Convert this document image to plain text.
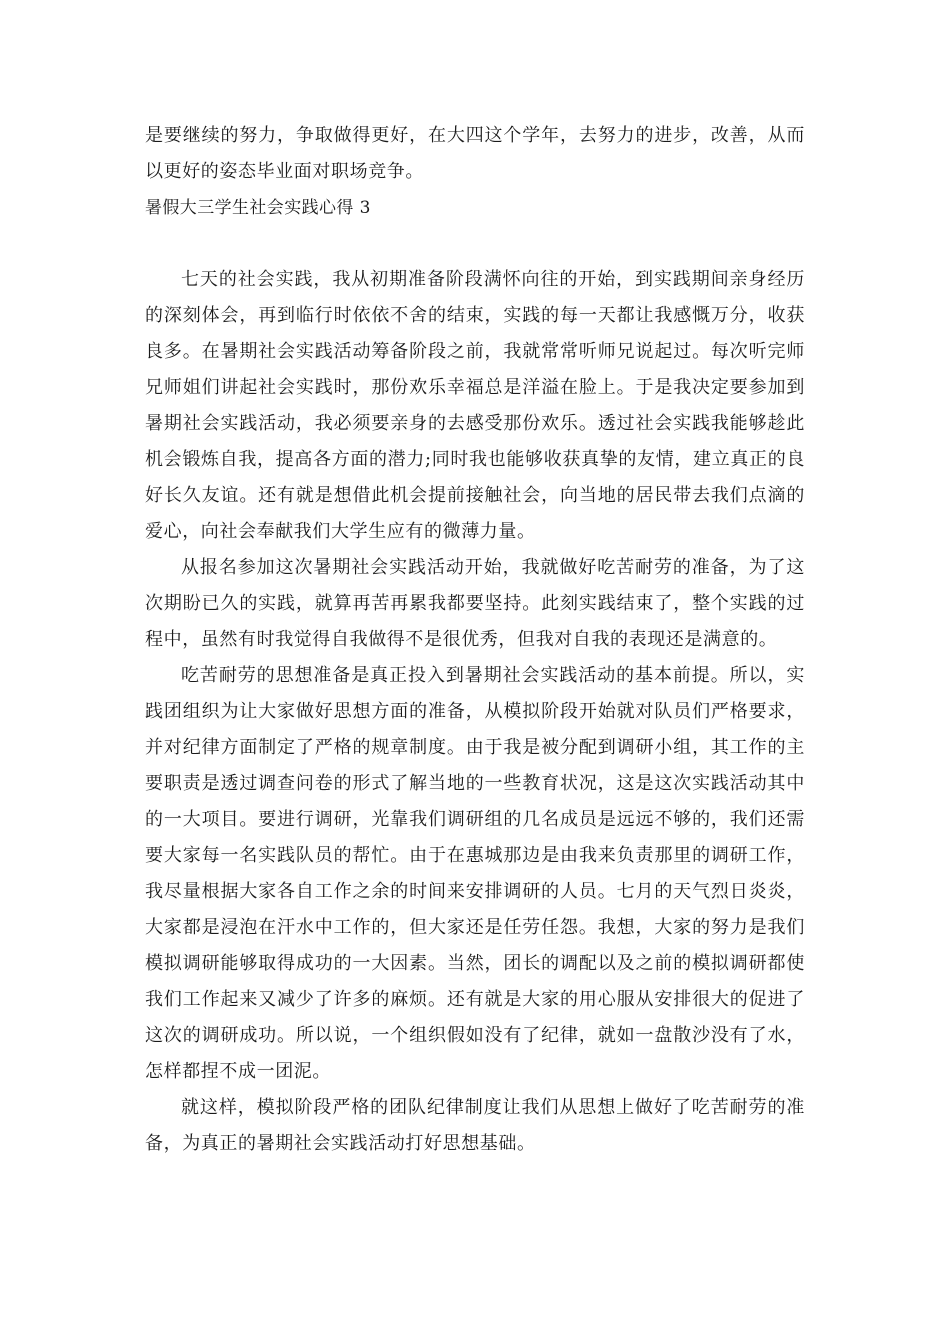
是要继续的努力，争取做得更好，在大四这个学年，去努力的进步，改善，从而以更好的姿态毕业面对职场竞争。

暑假大三学生社会实践心得 3

七天的社会实践，我从初期准备阶段满怀向往的开始，到实践期间亲身经历的深刻体会，再到临行时依依不舍的结束，实践的每一天都让我感慨万分，收获良多。在暑期社会实践活动筹备阶段之前，我就常常听师兄说起过。每次听完师兄师姐们讲起社会实践时，那份欢乐幸福总是洋溢在脸上。于是我决定要参加到暑期社会实践活动，我必须要亲身的去感受那份欢乐。透过社会实践我能够趁此机会锻炼自我，提高各方面的潜力;同时我也能够收获真挚的友情，建立真正的良好长久友谊。还有就是想借此机会提前接触社会，向当地的居民带去我们点滴的爱心，向社会奉献我们大学生应有的微薄力量。

从报名参加这次暑期社会实践活动开始，我就做好吃苦耐劳的准备，为了这次期盼已久的实践，就算再苦再累我都要坚持。此刻实践结束了，整个实践的过程中，虽然有时我觉得自我做得不是很优秀，但我对自我的表现还是满意的。

吃苦耐劳的思想准备是真正投入到暑期社会实践活动的基本前提。所以，实践团组织为让大家做好思想方面的准备，从模拟阶段开始就对队员们严格要求，并对纪律方面制定了严格的规章制度。由于我是被分配到调研小组，其工作的主要职责是透过调查问卷的形式了解当地的一些教育状况，这是这次实践活动其中的一大项目。要进行调研，光靠我们调研组的几名成员是远远不够的，我们还需要大家每一名实践队员的帮忙。由于在惠城那边是由我来负责那里的调研工作，我尽量根据大家各自工作之余的时间来安排调研的人员。七月的天气烈日炎炎，大家都是浸泡在汗水中工作的，但大家还是任劳任怨。我想，大家的努力是我们模拟调研能够取得成功的一大因素。当然，团长的调配以及之前的模拟调研都使我们工作起来又减少了许多的麻烦。还有就是大家的用心服从安排很大的促进了这次的调研成功。所以说，一个组织假如没有了纪律，就如一盘散沙没有了水，怎样都捏不成一团泥。

就这样，模拟阶段严格的团队纪律制度让我们从思想上做好了吃苦耐劳的准备，为真正的暑期社会实践活动打好思想基础。
